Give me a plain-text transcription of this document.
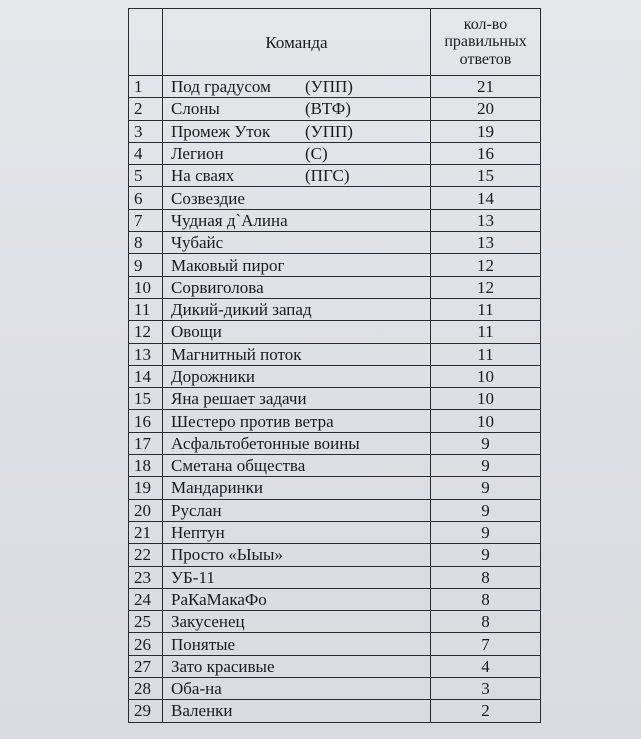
	Команда	кол-во правильных ответов
1	Под градусом (УПП)	21
2	Слоны (ВТФ)	20
3	Промеж Уток (УПП)	19
4	Легион (С)	16
5	На сваях (ПГС)	15
6	Созвездие	14
7	Чудная д`Алина	13
8	Чубайс	13
9	Маковый пирог	12
10	Сорвиголова	12
11	Дикий-дикий запад	11
12	Овощи	11
13	Магнитный поток	11
14	Дорожники	10
15	Яна решает задачи	10
16	Шестеро против ветра	10
17	Асфальтобетонные воины	9
18	Сметана общества	9
19	Мандаринки	9
20	Руслан	9
21	Нептун	9
22	Просто «Ыыы»	9
23	УБ-11	8
24	РаКаМакаФо	8
25	Закусенец	8
26	Понятые	7
27	Зато красивые	4
28	Оба-на	3
29	Валенки	2
